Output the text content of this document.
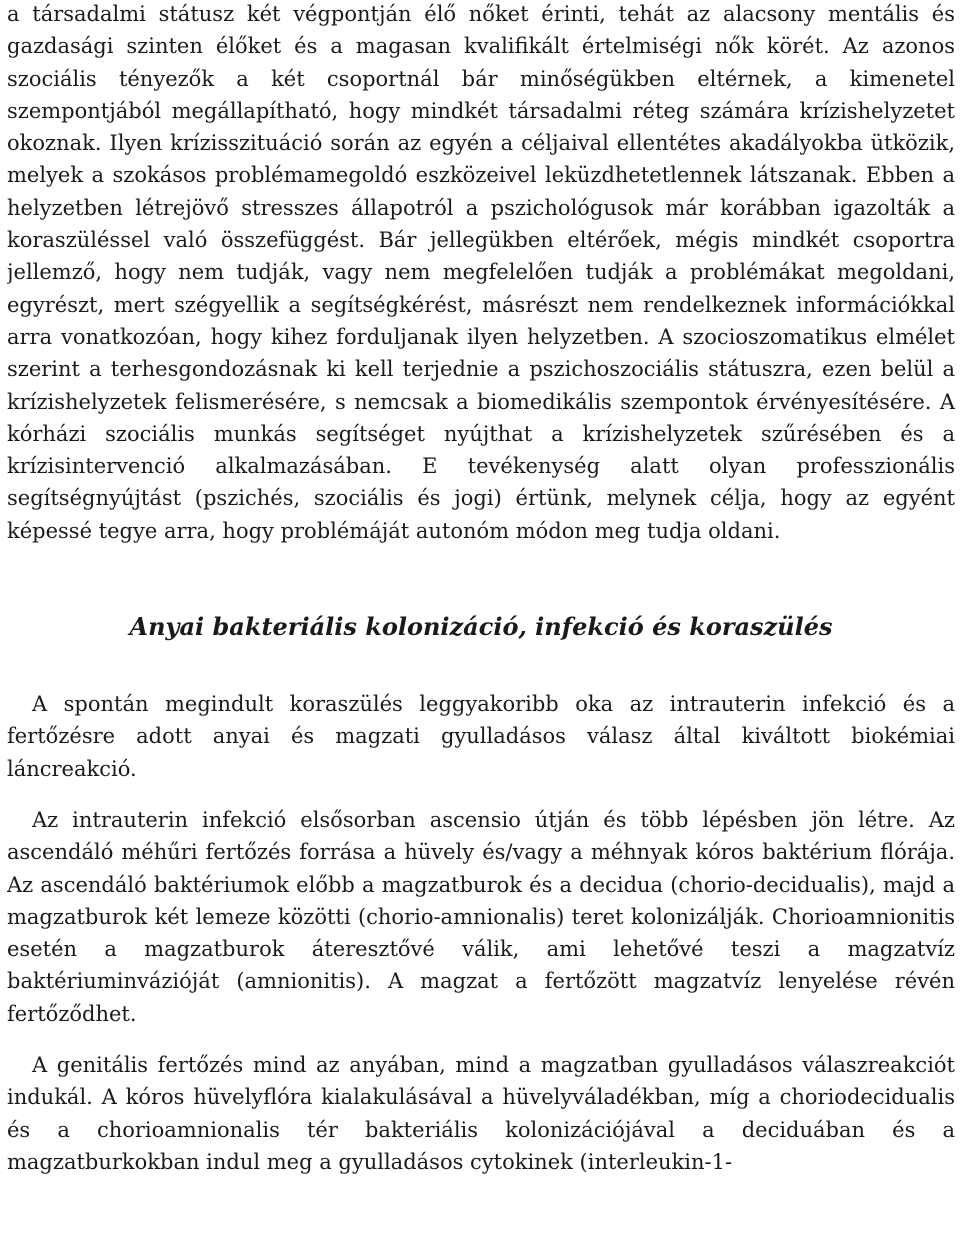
a társadalmi státusz két végpontján élő nőket érinti, tehát az alacsony mentális és gazdasági szinten élőket és a magasan kvalifikált értelmiségi nők körét. Az azonos szociális tényezők a két csoportnál bár minőségükben eltérnek, a kimenetel szempontjából megállapítható, hogy mindkét társadalmi réteg számára krízishelyzetet okoznak. Ilyen krízisszituáció során az egyén a céljaival ellentétes akadályokba ütközik, melyek a szokásos problémamegoldó eszközeivel leküzdhetetlennek látszanak. Ebben a helyzetben létrejövő stresszes állapotról a pszichológusok már korábban igazolták a koraszüléssel való összefüggést. Bár jellegükben eltérőek, mégis mindkét csoportra jellemző, hogy nem tudják, vagy nem megfelelően tudják a problémákat megoldani, egyrészt, mert szégyellik a segítségkérést, másrészt nem rendelkeznek információkkal arra vonatkozóan, hogy kihez forduljanak ilyen helyzetben. A szocioszomatikus elmélet szerint a terhesgondozásnak ki kell terjednie a pszichoszociális státuszra, ezen belül a krízishelyzetek felismerésére, s nemcsak a biomedikális szempontok érvényesítésére. A kórházi szociális munkás segítséget nyújthat a krízishelyzetek szűrésében és a krízisintervenció alkalmazásában. E tevékenység alatt olyan professzionális segítségnyújtást (pszichés, szociális és jogi) értünk, melynek célja, hogy az egyént képessé tegye arra, hogy problémáját autonóm módon meg tudja oldani.

Anyai bakteriális kolonizáció, infekció és koraszülés

A spontán megindult koraszülés leggyakoribb oka az intrauterin infekció és a fertőzésre adott anyai és magzati gyulladásos válasz által kiváltott biokémiai láncreakció.

Az intrauterin infekció elsősorban ascensio útján és több lépésben jön létre. Az ascendáló méhűri fertőzés forrása a hüvely és/vagy a méhnyak kóros baktérium flórája. Az ascendáló baktériumok előbb a magzatburok és a decidua (chorio-decidualis), majd a magzatburok két lemeze közötti (chorio-amnionalis) teret kolonizálják. Chorioamnionitis esetén a magzatburok áteresztővé válik, ami lehetővé teszi a magzatvíz baktériuminvázióját (amnionitis). A magzat a fertőzött magzatvíz lenyelése révén fertőződhet.

A genitális fertőzés mind az anyában, mind a magzatban gyulladásos válaszreakciót indukál. A kóros hüvelyflóra kialakulásával a hüvelyváladékban, míg a choriodecidualis és a chorioamnionalis tér bakteriális kolonizációjával a deciduában és a magzatburkokban indul meg a gyulladásos cytokinek (interleukin-1-
